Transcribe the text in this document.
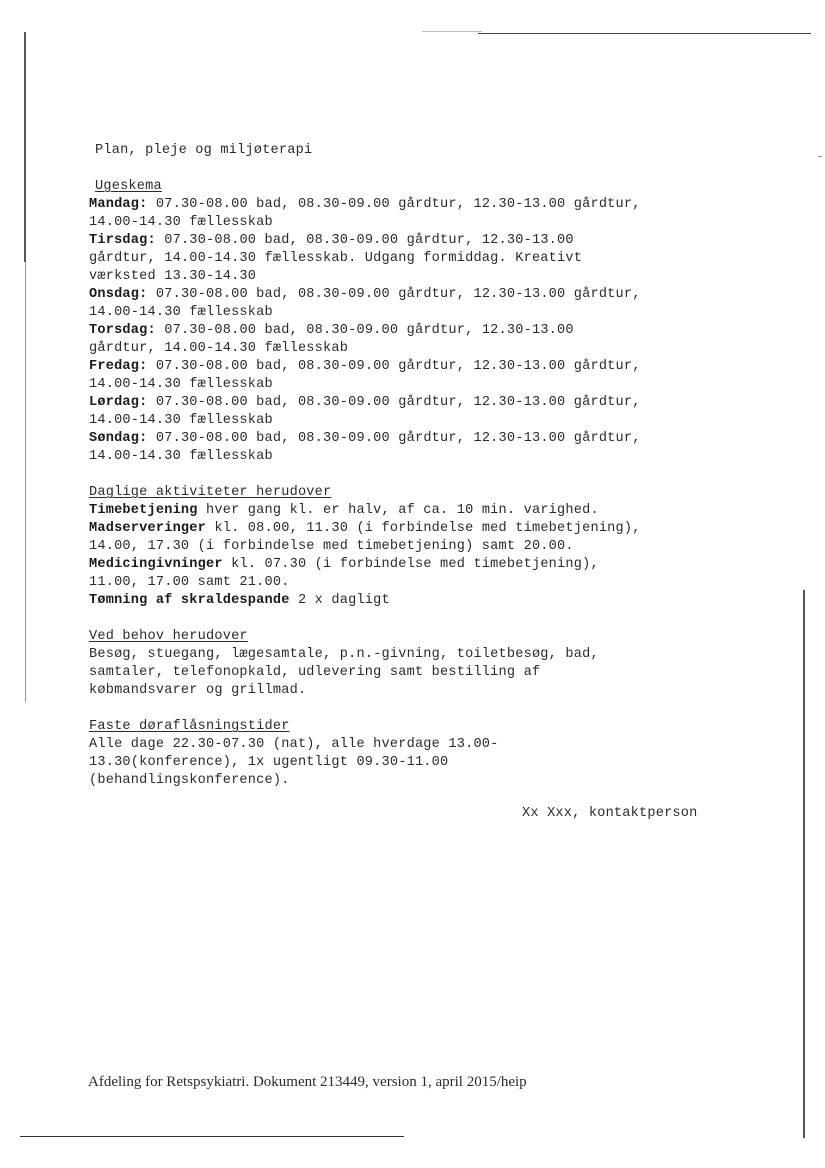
Plan, pleje og miljøterapi
Ugeskema
Mandag: 07.30-08.00 bad, 08.30-09.00 gårdtur, 12.30-13.00 gårdtur,
14.00-14.30 fællesskab
Tirsdag: 07.30-08.00 bad, 08.30-09.00 gårdtur, 12.30-13.00
gårdtur, 14.00-14.30 fællesskab. Udgang formiddag. Kreativt
værksted 13.30-14.30
Onsdag: 07.30-08.00 bad, 08.30-09.00 gårdtur, 12.30-13.00 gårdtur,
14.00-14.30 fællesskab
Torsdag: 07.30-08.00 bad, 08.30-09.00 gårdtur, 12.30-13.00
gårdtur, 14.00-14.30 fællesskab
Fredag: 07.30-08.00 bad, 08.30-09.00 gårdtur, 12.30-13.00 gårdtur,
14.00-14.30 fællesskab
Lørdag: 07.30-08.00 bad, 08.30-09.00 gårdtur, 12.30-13.00 gårdtur,
14.00-14.30 fællesskab
Søndag: 07.30-08.00 bad, 08.30-09.00 gårdtur, 12.30-13.00 gårdtur,
14.00-14.30 fællesskab
Daglige aktiviteter herudover
Timebetjening hver gang kl. er halv, af ca. 10 min. varighed.
Madserveringer kl. 08.00, 11.30 (i forbindelse med timebetjening),
14.00, 17.30 (i forbindelse med timebetjening) samt 20.00.
Medicingivninger kl. 07.30 (i forbindelse med timebetjening),
11.00, 17.00 samt 21.00.
Tømning af skraldespande 2 x dagligt
Ved behov herudover
Besøg, stuegang, lægesamtale, p.n.-givning, toiletbesøg, bad,
samtaler, telefonopkald, udlevering samt bestilling af
købmandsvarer og grillmad.
Faste døraflåsningstider
Alle dage 22.30-07.30 (nat), alle hverdage 13.00-
13.30(konference), 1x ugentligt 09.30-11.00
(behandlingskonference).
Xx Xxx, kontaktperson
Afdeling for Retspsykiatri. Dokument 213449, version 1, april 2015/heip
